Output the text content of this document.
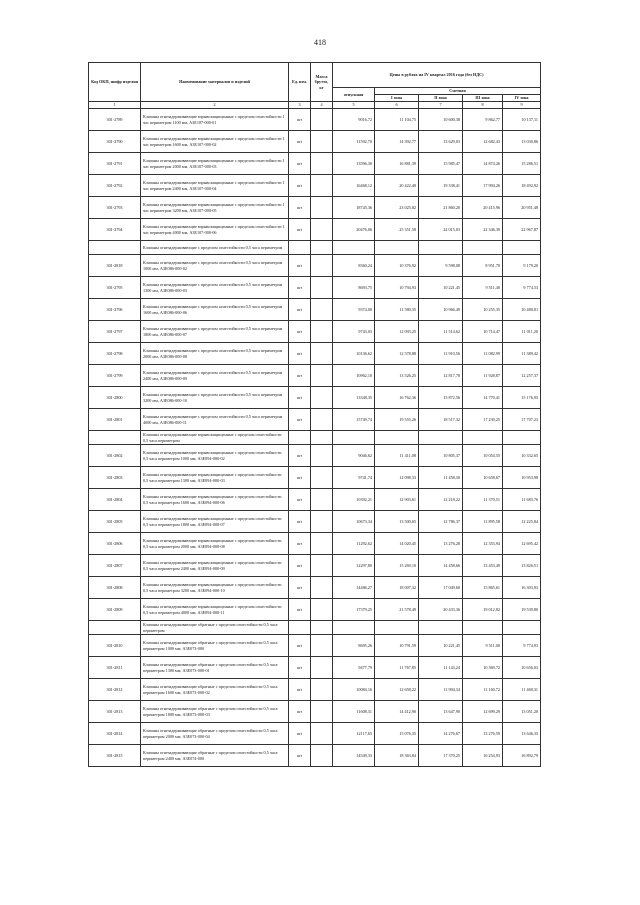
418
Код ОКП, шифр изделия	Наименование материалов и изделий	Ед. изм.	Масса брутто, кг	Цены в рублях на IV квартал 2016 года (без НДС)				
				отпускная	Сметная			
					I зона	II зона	III зона	IV зона
1	2	3	4	5	6	7	8	9
301-2789	Клапаны огнезадерживающие взрывозащищенные с пределом огнестойкости 1 час периметром 1100 мм, А3Е107-000-01	шт		9016,72	11 104,75	10 600,38	9 862,77	10 137,11
301-2790	Клапаны огнезадерживающие взрывозащищенные с пределом огнестойкости 1 час периметром 1600 мм, А3Е107-000-02	шт		11592,70	14 392,77	13 629,03	12 682,43	13 030,86
301-2791	Клапаны огнезадерживающие взрывозащищенные с пределом огнестойкости 1 час периметром 2000 мм, А3Е107-000-03	шт		13596,30	16 881,39	15 985,47	14 874,26	15 286,51
301-2792	Клапаны огнезадерживающие взрывозащищенные с пределом огнестойкости 1 час периметром 2400 мм, А3Е107-000-04	шт		16468,12	20 422,40	19 338,41	17 994,26	18 492,92
301-2793	Клапаны огнезадерживающие взрывозащищенные с пределом огнестойкости 1 час периметром 3200 мм, А3Е107-000-05	шт		18745,36	23 025,82	21 860,20	20 415,96	20 951,48
301-2794	Клапаны огнезадерживающие взрывозащищенные с пределом огнестойкости 1 час периметром 4000 мм, А3Е107-000-06	шт		20476,06	25 351,58	24 015,03	22 346,39	22 967,87
	Клапаны огнезадерживающие с пределом огнестойкости 0,5 часа периметром							
301-2818	Клапаны огнезадерживающие с пределом огнестойкости 0,5 часа периметром 1000 мм, А3Е086-000-02	шт		8360,24	10 376,92	9 598,08	8 951,70	9 179,20
301-2795	Клапаны огнезадерживающие с пределом огнестойкости 0,5 часа периметром 1300 мм, А3Е086-000-03	шт		8693,75	10 794,93	10 221,45	9 511,40	9 774,53
301-2796	Клапаны огнезадерживающие с пределом огнестойкости 0,5 часа периметром 1600 мм, А3Е086-000-06	шт		9374,00	11 580,35	10 966,49	10 255,35	10 480,81
301-2797	Клапаны огнезадерживающие с пределом огнестойкости 0,5 часа периметром 1800 мм, А3Е086-000-07	шт		9743,03	12 093,25	11 514,62	10 714,47	11 011,20
301-2798	Клапаны огнезадерживающие с пределом огнестойкости 0,5 часа периметром 2000 мм, А3Е086-000-08	шт		10136,62	12 578,88	11 910,56	11 082,99	11 389,42
301-2799	Клапаны огнезадерживающие с пределом огнестойкости 0,5 часа периметром 2400 мм, А3Е086-000-09	шт		10962,10	13 526,25	12 817,78	11 928,87	12 257,37
301-2800	Клапаны огнезадерживающие с пределом огнестойкости 0,5 часа периметром 3200 мм, А3Е086-000-10	шт		13348,35	16 762,36	15 872,56	14 770,41	15 176,95
301-2801	Клапаны огнезадерживающие с пределом огнестойкости 0,5 часа периметром 4000 мм, А3Е086-000-11	шт		15749,74	19 555,26	18 517,32	17 230,25	17 707,23
	Клапаны огнезадерживающие взрывозащищенные с пределом огнестойкости 0,5 часа периметром							
301-2802	Клапаны огнезадерживающие взрывозащищенные с пределом огнестойкости 0,5 часа периметром 1000 мм, А3Е094-000-02	шт		9046,62	11 411,08	10 805,37	10 054,55	10 332,65
301-2803	Клапаны огнезадерживающие взрывозащищенные с пределом огнестойкости 0,5 часа периметром 1300 мм, А3Е094-000-03	шт		9741,74	12 098,33	11 458,30	10 658,67	10 953,98
301-2804	Клапаны огнезадерживающие взрывозащищенные с пределом огнестойкости 0,5 часа периметром 1600 мм, А3Е094-000-06	шт		10392,21	12 903,61	12 218,22	11 370,51	11 683,76
301-2805	Клапаны огнезадерживающие взрывозащищенные с пределом огнестойкости 0,5 часа периметром 1800 мм, А3Е094-000-07	шт		10673,34	13 500,65	12 786,37	11 895,58	12 225,84
301-2806	Клапаны огнезадерживающие взрывозащищенные с пределом огнестойкости 0,5 часа периметром 2000 мм, А3Е094-000-08	шт		11292,62	14 020,45	13 276,28	12 353,94	12 695,42
301-2807	Клапаны огнезадерживающие взрывозащищенные с пределом огнестойкости 0,5 часа периметром 2400 мм, А3Е094-000-09	шт		12297,80	15 269,10	14 458,66	13 453,49	13 826,51
301-2808	Клапаны огнезадерживающие взрывозащищенные с пределом огнестойкости 0,5 часа периметром 3200 мм, А3Е094-000-10	шт		14486,27	18 007,32	17 049,60	15 865,61	16 303,93
301-2809	Клапаны огнезадерживающие взрывозащищенные с пределом огнестойкости 0,5 часа периметром 4000 мм, А3Е094-000-11	шт		17379,25	21 578,49	20 433,36	19 012,82	19 539,80
	Клапаны огнезадерживающие обратные с пределом огнестойкости 0,5 часа периметром							
301-2810	Клапаны огнезадерживающие обратные с пределом огнестойкости 0,5 часа периметром 1000 мм, А3Е073-000	шт		8695,26	10 791,59	10 221,45	9 511,00	9 774,93
301-2811	Клапаны огнезадерживающие обратные с пределом огнестойкости 0,5 часа периметром 1300 мм, А3Е073-000-01	шт		9477,79	11 767,85	11 143,24	10 369,72	10 656,03
301-2812	Клапаны огнезадерживающие обратные с пределом огнестойкости 0,5 часа периметром 1600 мм, А3Е073-000-02	шт		10084,16	12 658,22	11 994,34	11 160,72	11 469,31
301-2813	Клапаны огнезадерживающие обратные с пределом огнестойкости 0,5 часа периметром 1800 мм, А3Е073-000-03	шт		11608,31	14 412,90	13 647,90	12 699,29	13 051,20
301-2814	Клапаны огнезадерживающие обратные с пределом огнестойкости 0,5 часа периметром 2000 мм, А3Е073-000-04	шт		12117,65	15 076,35	14 276,67	13 276,59	13 646,35
301-2815	Клапаны огнезадерживающие обратные с пределом огнестойкости 0,5 часа периметром 2400 мм, А3Е074-000	шт		14549,33	18 363,84	17 370,25	16 254,93	16 892,79
